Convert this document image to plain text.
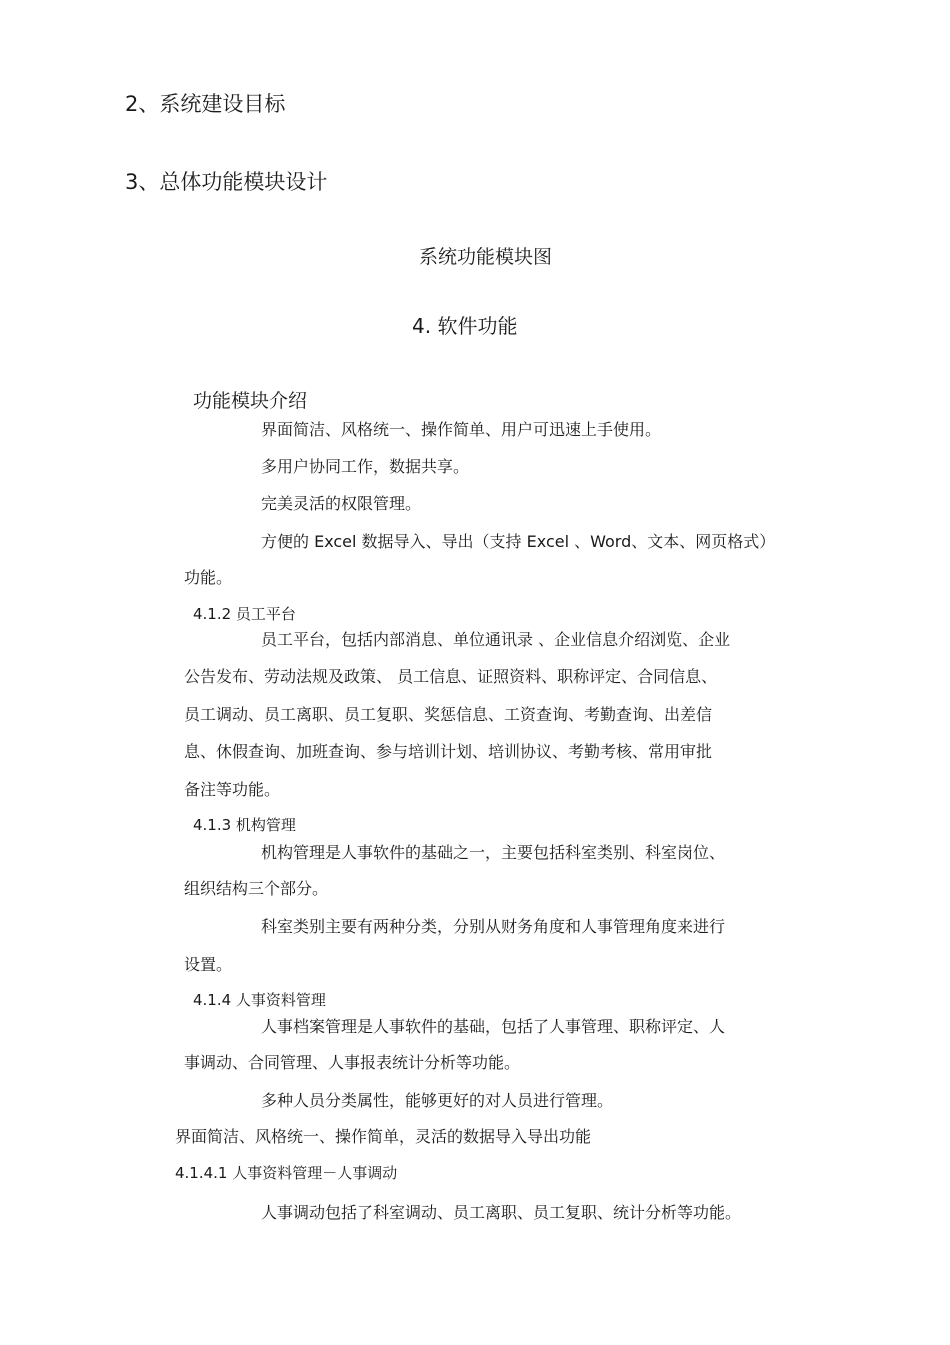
2、系统建设目标
3、总体功能模块设计
系统功能模块图
4. 软件功能
功能模块介绍
界面简洁、风格统一、操作简单、用户可迅速上手使用。
多用户协同工作，数据共享。
完美灵活的权限管理。
方便的 Excel 数据导入、导出（支持 Excel 、Word、文本、网页格式）
功能。
4.1.2 员工平台
员工平台，包括内部消息、单位通讯录 、企业信息介绍浏览、企业
公告发布、劳动法规及政策、 员工信息、证照资料、职称评定、合同信息、
员工调动、员工离职、员工复职、奖惩信息、工资查询、考勤查询、出差信
息、休假查询、加班查询、参与培训计划、培训协议、考勤考核、常用审批
备注等功能。
4.1.3 机构管理
机构管理是人事软件的基础之一，主要包括科室类别、科室岗位、
组织结构三个部分。
科室类别主要有两种分类，分别从财务角度和人事管理角度来进行
设置。
4.1.4 人事资料管理
人事档案管理是人事软件的基础，包括了人事管理、职称评定、人
事调动、合同管理、人事报表统计分析等功能。
多种人员分类属性，能够更好的对人员进行管理。
界面简洁、风格统一、操作简单，灵活的数据导入导出功能
4.1.4.1 人事资料管理－人事调动
人事调动包括了科室调动、员工离职、员工复职、统计分析等功能。
